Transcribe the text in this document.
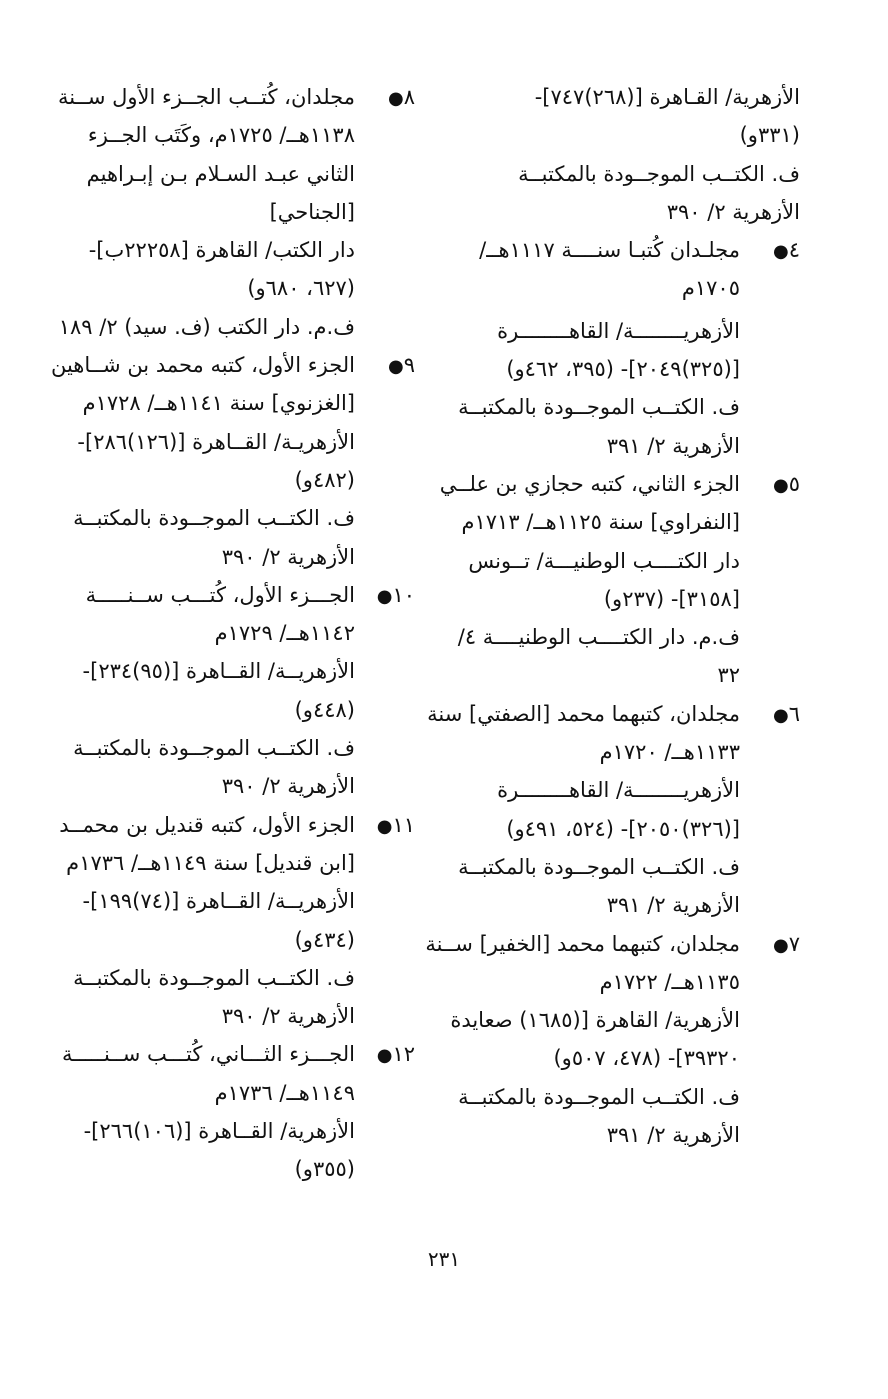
الأزهرية/ القـاهرة [(٢٦٨)٧٤٧]-
(٣٣١و)
ف. الكتــب الموجــودة بالمكتبــة
الأزهرية ٢/ ٣٩٠
٤●
مجلـدان كُتبـا سنــــة ١١١٧هــ/
١٧٠٥م
الأزهريــــــــة/ القاهــــــــرة
[(٣٢٥)٢٠٤٩]- (٣٩٥، ٤٦٢و)
ف. الكتــب الموجــودة بالمكتبــة
الأزهرية ٢/ ٣٩١
٥●
الجزء الثاني، كتبه حجازي بن علــي
[النفراوي] سنة ١١٢٥هــ/ ١٧١٣م
دار الكتــــب الوطنيـــة/ تــونس
[٣١٥٨]- (٢٣٧و)
ف.م. دار الكتــــب الوطنيــــة ٤/
٣٢
٦●
مجلدان، كتبهما محمد [الصفتي] سنة
١١٣٣هــ/ ١٧٢٠م
الأزهريــــــــة/ القاهــــــــرة
[(٣٢٦)٢٠٥٠]- (٥٢٤، ٤٩١و)
ف. الكتــب الموجــودة بالمكتبــة
الأزهرية ٢/ ٣٩١
٧●
مجلدان، كتبهما محمد [الخفير] ســنة
١١٣٥هــ/ ١٧٢٢م
الأزهرية/ القاهرة [(١٦٨٥) صعايدة
٣٩٣٢٠]- (٤٧٨، ٥٠٧و)
ف. الكتــب الموجــودة بالمكتبــة
الأزهرية ٢/ ٣٩١
٨●
مجلدان، كُتــب الجــزء الأول ســنة
١١٣٨هــ/ ١٧٢٥م، وكَتَب الجــزء
الثاني عبـد السـلام بـن إبـراهيم
[الجناحي]
دار الكتب/ القاهرة [٢٢٢٥٨ب]-
(٦٢٧، ٦٨٠و)
ف.م. دار الكتب (ف. سيد) ٢/ ١٨٩
٩●
الجزء الأول، كتبه محمد بن شــاهين
[الغزنوي] سنة ١١٤١هــ/ ١٧٢٨م
الأزهريـة/ القــاهرة [(١٢٦)٢٨٦]-
(٤٨٢و)
ف. الكتــب الموجــودة بالمكتبــة
الأزهرية ٢/ ٣٩٠
١٠●
الجـــزء الأول، كُتـــب ســنـــــة
١١٤٢هــ/ ١٧٢٩م
الأزهريــة/ القــاهرة [(٩٥)٢٣٤]-
(٤٤٨و)
ف. الكتــب الموجــودة بالمكتبــة
الأزهرية ٢/ ٣٩٠
١١●
الجزء الأول، كتبه قنديل بن محمــد
[ابن قنديل] سنة ١١٤٩هــ/ ١٧٣٦م
الأزهريــة/ القــاهرة [(٧٤)١٩٩]-
(٤٣٤و)
ف. الكتــب الموجــودة بالمكتبــة
الأزهرية ٢/ ٣٩٠
١٢●
الجـــزء الثـــاني، كُتـــب ســنـــــة
١١٤٩هــ/ ١٧٣٦م
الأزهرية/ القــاهرة [(١٠٦)٢٦٦]-
(٣٥٥و)
٢٣١
